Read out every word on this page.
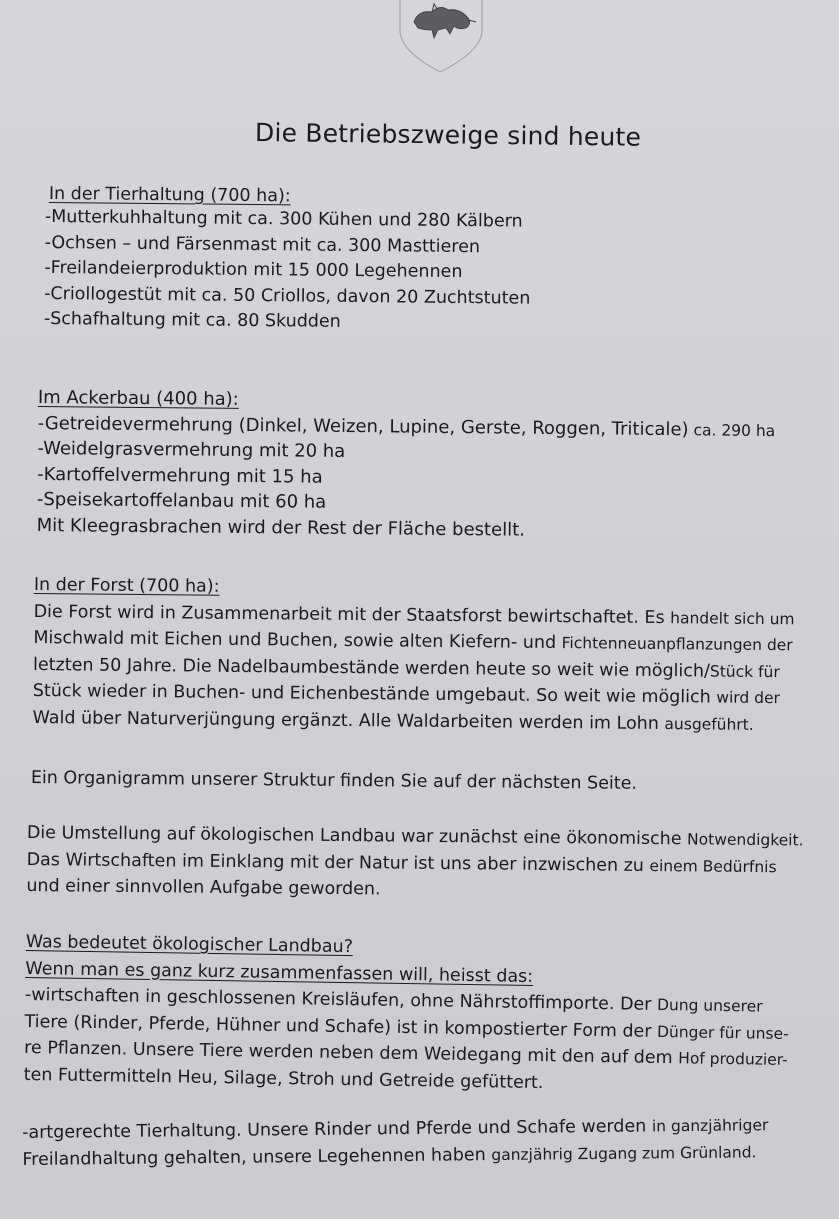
Die Betriebszweige sind heute
In der Tierhaltung (700 ha):
-Mutterkuhhaltung mit ca. 300 Kühen und 280 Kälbern
-Ochsen – und Färsenmast mit ca. 300 Masttieren
-Freilandeierproduktion mit 15 000 Legehennen
-Criollogestüt mit ca. 50 Criollos, davon 20 Zuchtstuten
-Schafhaltung mit ca. 80 Skudden
Im Ackerbau (400 ha):
-Getreidevermehrung (Dinkel, Weizen, Lupine, Gerste, Roggen, Triticale) ca. 290 ha
-Weidelgrasvermehrung mit 20 ha
-Kartoffelvermehrung mit 15 ha
-Speisekartoffelanbau mit 60 ha
Mit Kleegrasbrachen wird der Rest der Fläche bestellt.
In der Forst (700 ha):
Die Forst wird in Zusammenarbeit mit der Staatsforst bewirtschaftet. Es handelt sich um
Mischwald mit Eichen und Buchen, sowie alten Kiefern- und Fichtenneuanpflanzungen der
letzten 50 Jahre. Die Nadelbaumbestände werden heute so weit wie möglich/Stück für
Stück wieder in Buchen- und Eichenbestände umgebaut. So weit wie möglich wird der
Wald über Naturverjüngung ergänzt. Alle Waldarbeiten werden im Lohn ausgeführt.
Ein Organigramm unserer Struktur finden Sie auf der nächsten Seite.
Die Umstellung auf ökologischen Landbau war zunächst eine ökonomische Notwendigkeit.
Das Wirtschaften im Einklang mit der Natur ist uns aber inzwischen zu einem Bedürfnis
und einer sinnvollen Aufgabe geworden.
Was bedeutet ökologischer Landbau?
Wenn man es ganz kurz zusammenfassen will, heisst das:
-wirtschaften in geschlossenen Kreisläufen, ohne Nährstoffimporte. Der Dung unserer
Tiere (Rinder, Pferde, Hühner und Schafe) ist in kompostierter Form der Dünger für unse-
re Pflanzen. Unsere Tiere werden neben dem Weidegang mit den auf dem Hof produzier-
ten Futtermitteln Heu, Silage, Stroh und Getreide gefüttert.
-artgerechte Tierhaltung. Unsere Rinder und Pferde und Schafe werden in ganzjähriger
Freilandhaltung gehalten, unsere Legehennen haben ganzjährig Zugang zum Grünland.
